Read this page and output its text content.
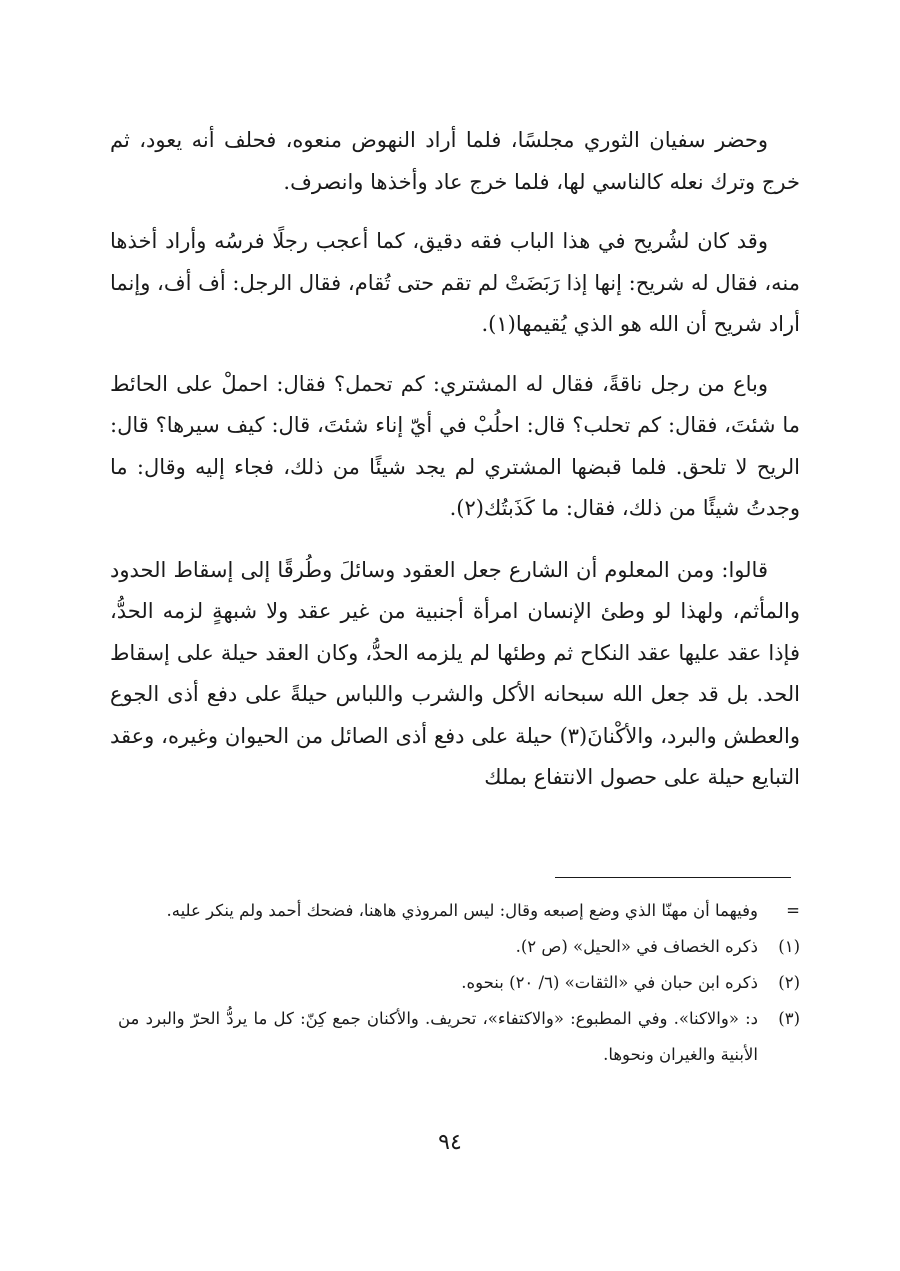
وحضر سفيان الثوري مجلسًا، فلما أراد النهوض منعوه، فحلف أنه يعود، ثم خرج وترك نعله كالناسي لها، فلما خرج عاد وأخذها وانصرف.

وقد كان لشُريح في هذا الباب فقه دقيق، كما أعجب رجلًا فرسُه وأراد أخذها منه، فقال له شريح: إنها إذا رَبَضَتْ لم تقم حتى تُقام، فقال الرجل: أف أف، وإنما أراد شريح أن الله هو الذي يُقيمها(١).

وباع من رجل ناقةً، فقال له المشتري: كم تحمل؟ فقال: احملْ على الحائط ما شئتَ، فقال: كم تحلب؟ قال: احلُبْ في أيّ إناء شئتَ، قال: كيف سيرها؟ قال: الريح لا تلحق. فلما قبضها المشتري لم يجد شيئًا من ذلك، فجاء إليه وقال: ما وجدتُ شيئًا من ذلك، فقال: ما كَذَبتُك(٢).

قالوا: ومن المعلوم أن الشارع جعل العقود وسائلَ وطُرقًا إلى إسقاط الحدود والمأثم، ولهذا لو وطئ الإنسان امرأة أجنبية من غير عقد ولا شبهةٍ لزمه الحدُّ، فإذا عقد عليها عقد النكاح ثم وطئها لم يلزمه الحدُّ، وكان العقد حيلة على إسقاط الحد. بل قد جعل الله سبحانه الأكل والشرب واللباس حيلةً على دفع أذى الجوع والعطش والبرد، والأكْنانَ(٣) حيلة على دفع أذى الصائل من الحيوان وغيره، وعقد التبايع حيلة على حصول الانتفاع بملك

=
وفيهما أن مهنّا الذي وضع إصبعه وقال: ليس المروذي هاهنا، فضحك أحمد ولم ينكر عليه.
(١)
ذكره الخصاف في «الحيل» (ص ٢).
(٢)
ذكره ابن حبان في «الثقات» (٦/ ٢٠) بنحوه.
(٣)
د: «والاكنا». وفي المطبوع: «والاكتفاء»، تحريف. والأكنان جمع كِنّ: كل ما يردُّ الحرّ والبرد من الأبنية والغيران ونحوها.
٩٤
